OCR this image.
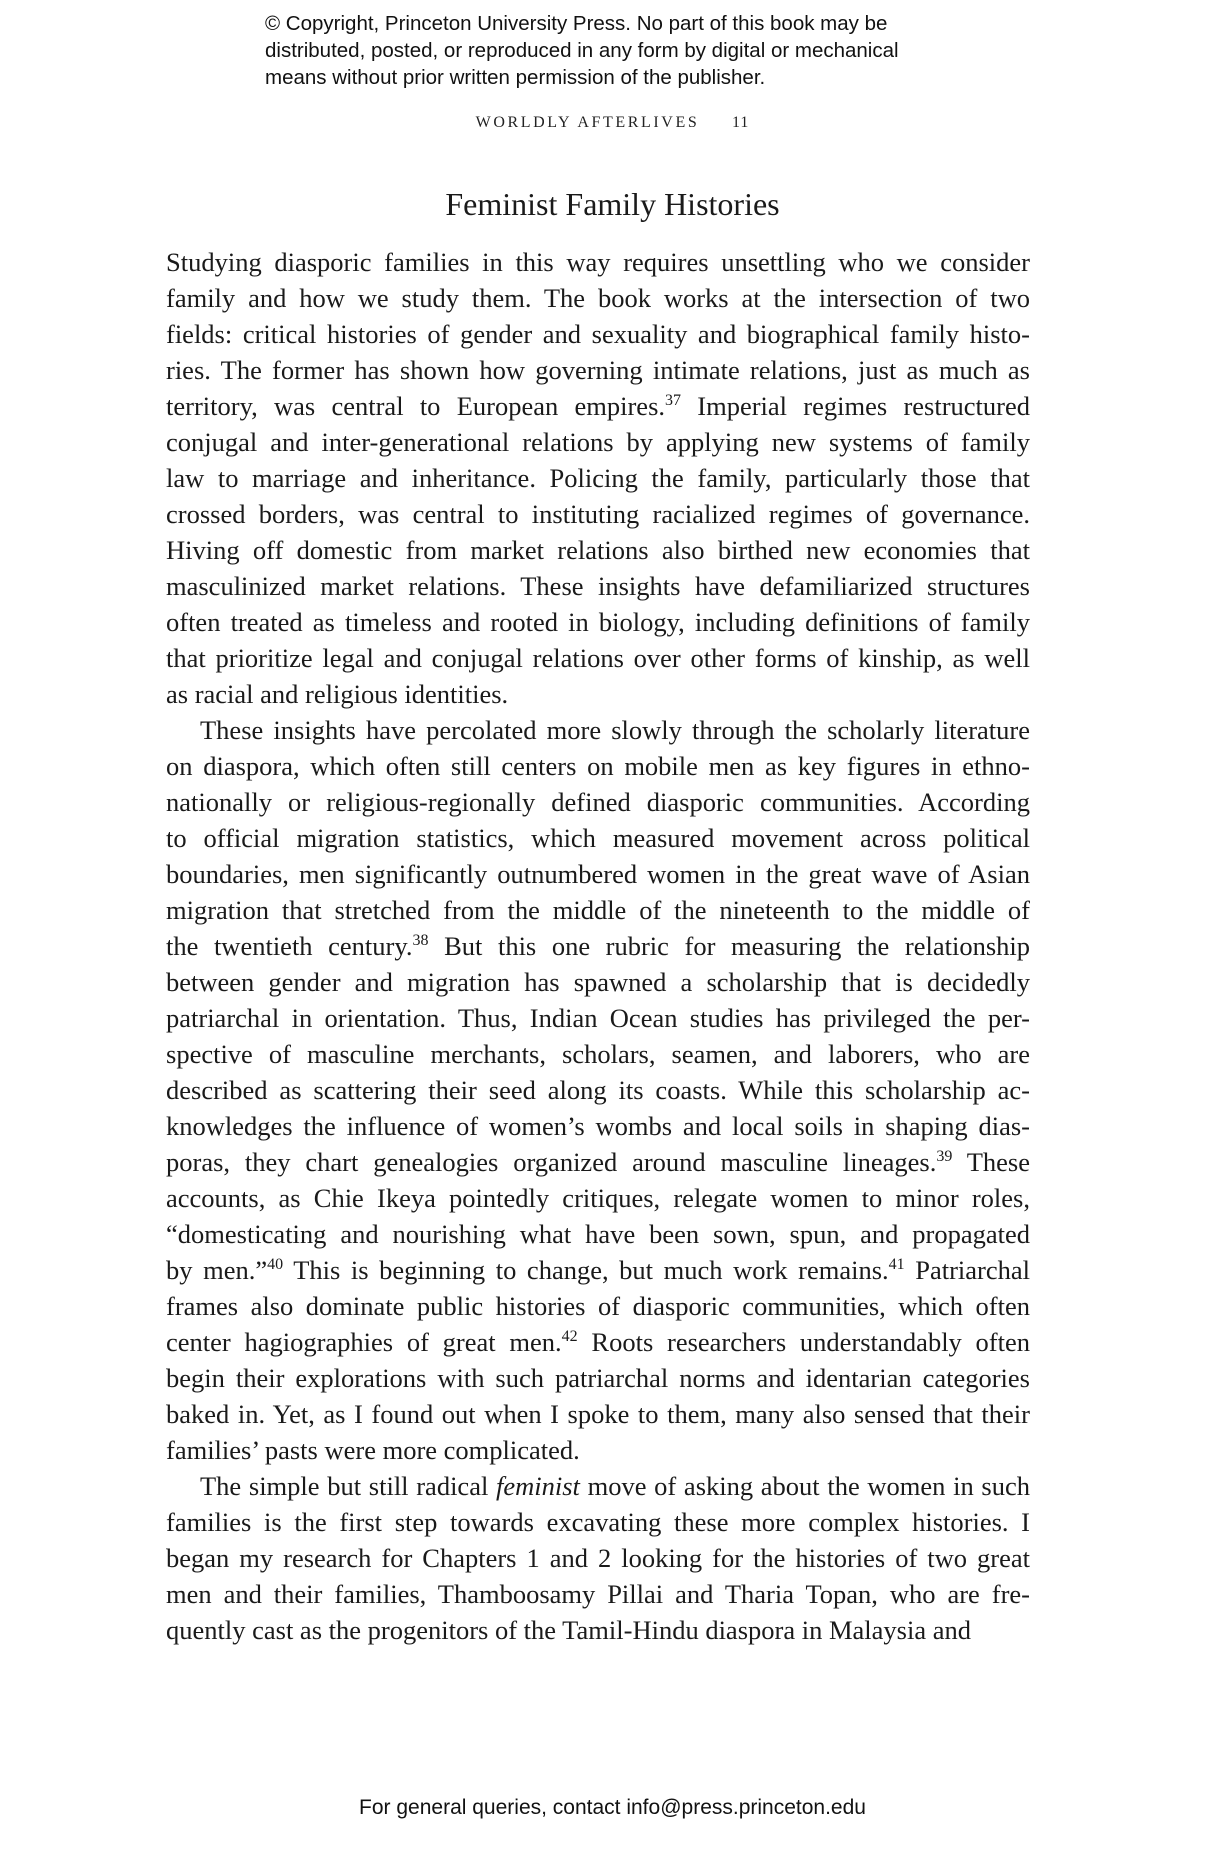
© Copyright, Princeton University Press. No part of this book may be
distributed, posted, or reproduced in any form by digital or mechanical
means without prior written permission of the publisher.
WORLDLY AFTERLIVES 11
Feminist Family Histories

Studying diasporic families in this way requires unsettling who we consider
family and how we study them. The book works at the intersection of two
fields: critical histories of gender and sexuality and biographical family histo-
ries. The former has shown how governing intimate relations, just as much as
territory, was central to European empires.$^{37}$ Imperial regimes restructured
conjugal and inter-generational relations by applying new systems of family
law to marriage and inheritance. Policing the family, particularly those that
crossed borders, was central to instituting racialized regimes of governance.
Hiving off domestic from market relations also birthed new economies that
masculinized market relations. These insights have defamiliarized structures
often treated as timeless and rooted in biology, including definitions of family
that prioritize legal and conjugal relations over other forms of kinship, as well
as racial and religious identities.

These insights have percolated more slowly through the scholarly literature
on diaspora, which often still centers on mobile men as key figures in ethno-
nationally or religious-regionally defined diasporic communities. According
to official migration statistics, which measured movement across political
boundaries, men significantly outnumbered women in the great wave of Asian
migration that stretched from the middle of the nineteenth to the middle of
the twentieth century.$^{38}$ But this one rubric for measuring the relationship
between gender and migration has spawned a scholarship that is decidedly
patriarchal in orientation. Thus, Indian Ocean studies has privileged the per-
spective of masculine merchants, scholars, seamen, and laborers, who are
described as scattering their seed along its coasts. While this scholarship ac-
knowledges the influence of women’s wombs and local soils in shaping dias-
poras, they chart genealogies organized around masculine lineages.$^{39}$ These
accounts, as Chie Ikeya pointedly critiques, relegate women to minor roles,
“domesticating and nourishing what have been sown, spun, and propagated
by men.”$^{40}$ This is beginning to change, but much work remains.$^{41}$ Patriarchal
frames also dominate public histories of diasporic communities, which often
center hagiographies of great men.$^{42}$ Roots researchers understandably often
begin their explorations with such patriarchal norms and identarian categories
baked in. Yet, as I found out when I spoke to them, many also sensed that their
families’ pasts were more complicated.

The simple but still radical feminist move of asking about the women in such
families is the first step towards excavating these more complex histories. I
began my research for Chapters 1 and 2 looking for the histories of two great
men and their families, Thamboosamy Pillai and Tharia Topan, who are fre-
quently cast as the progenitors of the Tamil-Hindu diaspora in Malaysia and

For general queries, contact info@press.princeton.edu
